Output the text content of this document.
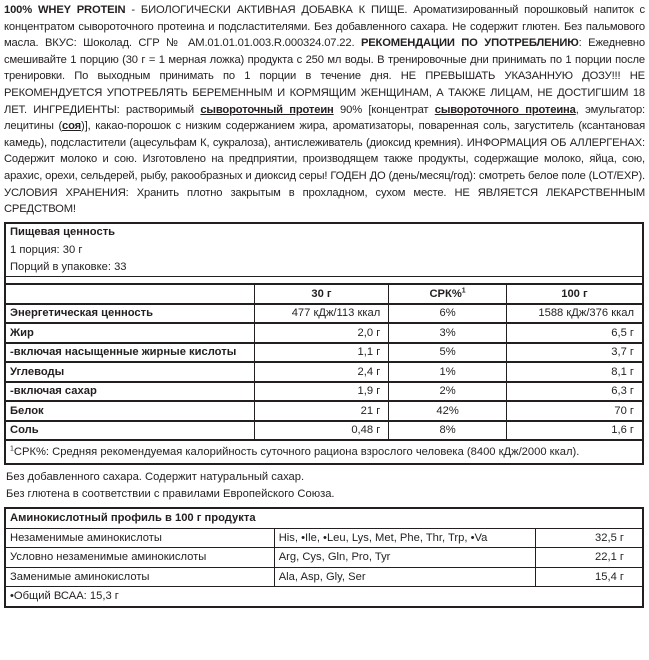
100% WHEY PROTEIN - БИОЛОГИЧЕСКИ АКТИВНАЯ ДОБАВКА К ПИЩЕ. Ароматизированный порошковый напиток с концентратом сывороточного протеина и подсластителями. Без добавленного сахара. Не содержит глютен. Без пальмового масла. ВКУС: Шоколад. СГР № AM.01.01.01.003.R.000324.07.22. РЕКОМЕНДАЦИИ ПО УПОТРЕБЛЕНИЮ: Ежедневно смешивайте 1 порцию (30 г = 1 мерная ложка) продукта с 250 мл воды. В тренировочные дни принимать по 1 порции после тренировки. По выходным принимать по 1 порции в течение дня. НЕ ПРЕВЫШАТЬ УКАЗАННУЮ ДОЗУ!!! НЕ РЕКОМЕНДУЕТСЯ УПОТРЕБЛЯТЬ БЕРЕМЕННЫМ И КОРМЯЩИМ ЖЕНЩИНАМ, А ТАКЖЕ ЛИЦАМ, НЕ ДОСТИГШИМ 18 ЛЕТ. ИНГРЕДИЕНТЫ: растворимый сывороточный протеин 90% [концентрат сывороточного протеина, эмульгатор: лецитины (соя)], какао-порошок с низким содержанием жира, ароматизаторы, поваренная соль, загуститель (ксантановая камедь), подсластители (ацесульфам К, сукралоза), антислеживатель (диоксид кремния). ИНФОРМАЦИЯ ОБ АЛЛЕРГЕНАХ: Содержит молоко и сою. Изготовлено на предприятии, производящем также продукты, содержащие молоко, яйца, сою, арахис, орехи, сельдерей, рыбу, ракообразных и диоксид серы! ГОДЕН ДО (день/месяц/год): смотреть белое поле (LOT/EXP). УСЛОВИЯ ХРАНЕНИЯ: Хранить плотно закрытым в прохладном, сухом месте. НЕ ЯВЛЯЕТСЯ ЛЕКАРСТВЕННЫМ СРЕДСТВОМ!

Пищевая ценность			
1 порция: 30 г			
Порций в упаковке: 33			

	30 г	СРК%$^1$	100 г
Энергетическая ценность	477 кДж/113 ккал	6%	1588 кДж/376 ккал
Жир	2,0 г	3%	6,5 г
-включая насыщенные жирные кислоты	1,1 г	5%	3,7 г
Углеводы	2,4 г	1%	8,1 г
-включая сахар	1,9 г	2%	6,3 г
Белок	21 г	42%	70 г
Соль	0,48 г	8%	1,6 г
$^1$СРК%: Средняя рекомендуемая калорийность суточного рациона взрослого человека (8400 кДж/2000 ккал).			
Без добавленного сахара. Содержит натуральный сахар.
Без глютена в соответствии с правилами Европейского Союза.
Аминокислотный профиль в 100 г продукта		
Незаменимые аминокислоты	His, •Ile, •Leu, Lys, Met, Phe, Thr, Trp, •Va	32,5 г
Условно незаменимые аминокислоты	Arg, Cys, Gln, Pro, Tyr	22,1 г
Заменимые аминокислоты	Ala, Asp, Gly, Ser	15,4 г
•Общий ВСАА: 15,3 г		
